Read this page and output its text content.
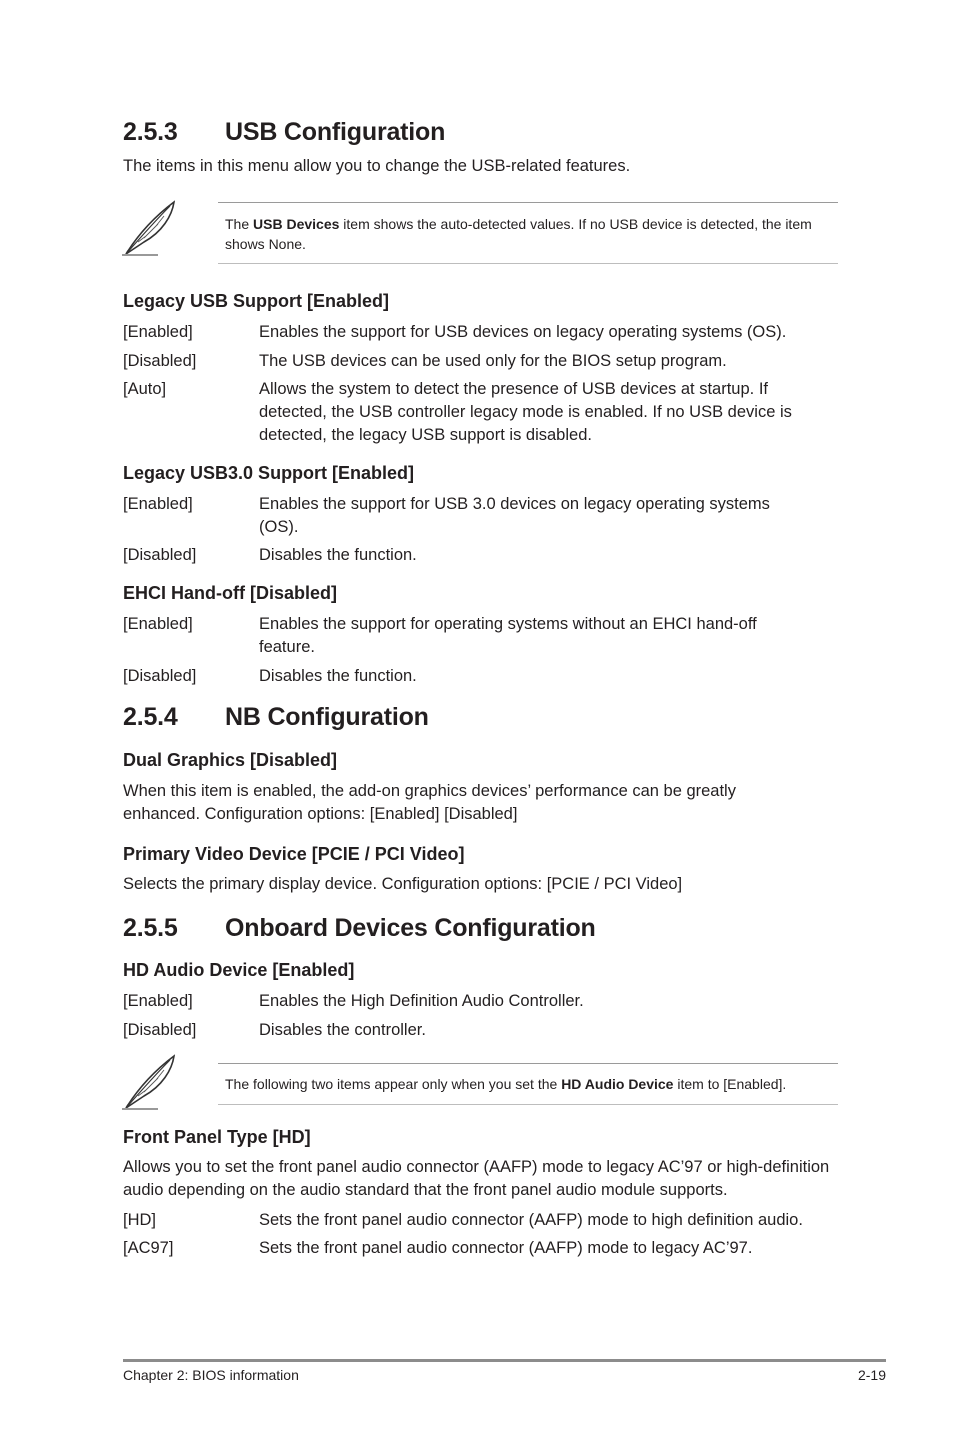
2.5.3 USB Configuration
The items in this menu allow you to change the USB-related features.
The USB Devices item shows the auto-detected values. If no USB device is detected, the item shows None.
Legacy USB Support [Enabled]
[Enabled]	Enables the support for USB devices on legacy operating systems (OS).
[Disabled]	The USB devices can be used only for the BIOS setup program.
[Auto]	Allows the system to detect the presence of USB devices at startup. If detected, the USB controller legacy mode is enabled. If no USB device is detected, the legacy USB support is disabled.
Legacy USB3.0 Support [Enabled]
[Enabled]	Enables the support for USB 3.0 devices on legacy operating systems (OS).
[Disabled]	Disables the function.
EHCI Hand-off [Disabled]
[Enabled]	Enables the support for operating systems without an EHCI hand-off feature.
[Disabled]	Disables the function.
2.5.4 NB Configuration
Dual Graphics [Disabled]
When this item is enabled, the add-on graphics devices’ performance can be greatly enhanced. Configuration options: [Enabled] [Disabled]
Primary Video Device [PCIE / PCI Video]
Selects the primary display device. Configuration options: [PCIE / PCI Video]
2.5.5 Onboard Devices Configuration
HD Audio Device [Enabled]
[Enabled]	Enables the High Definition Audio Controller.
[Disabled]	Disables the controller.
The following two items appear only when you set the HD Audio Device item to [Enabled].
Front Panel Type [HD]
Allows you to set the front panel audio connector (AAFP) mode to legacy AC’97 or high-definition audio depending on the audio standard that the front panel audio module supports.
[HD]	Sets the front panel audio connector (AAFP) mode to high definition audio.
[AC97]	Sets the front panel audio connector (AAFP) mode to legacy AC’97.
Chapter 2: BIOS information	2-19
